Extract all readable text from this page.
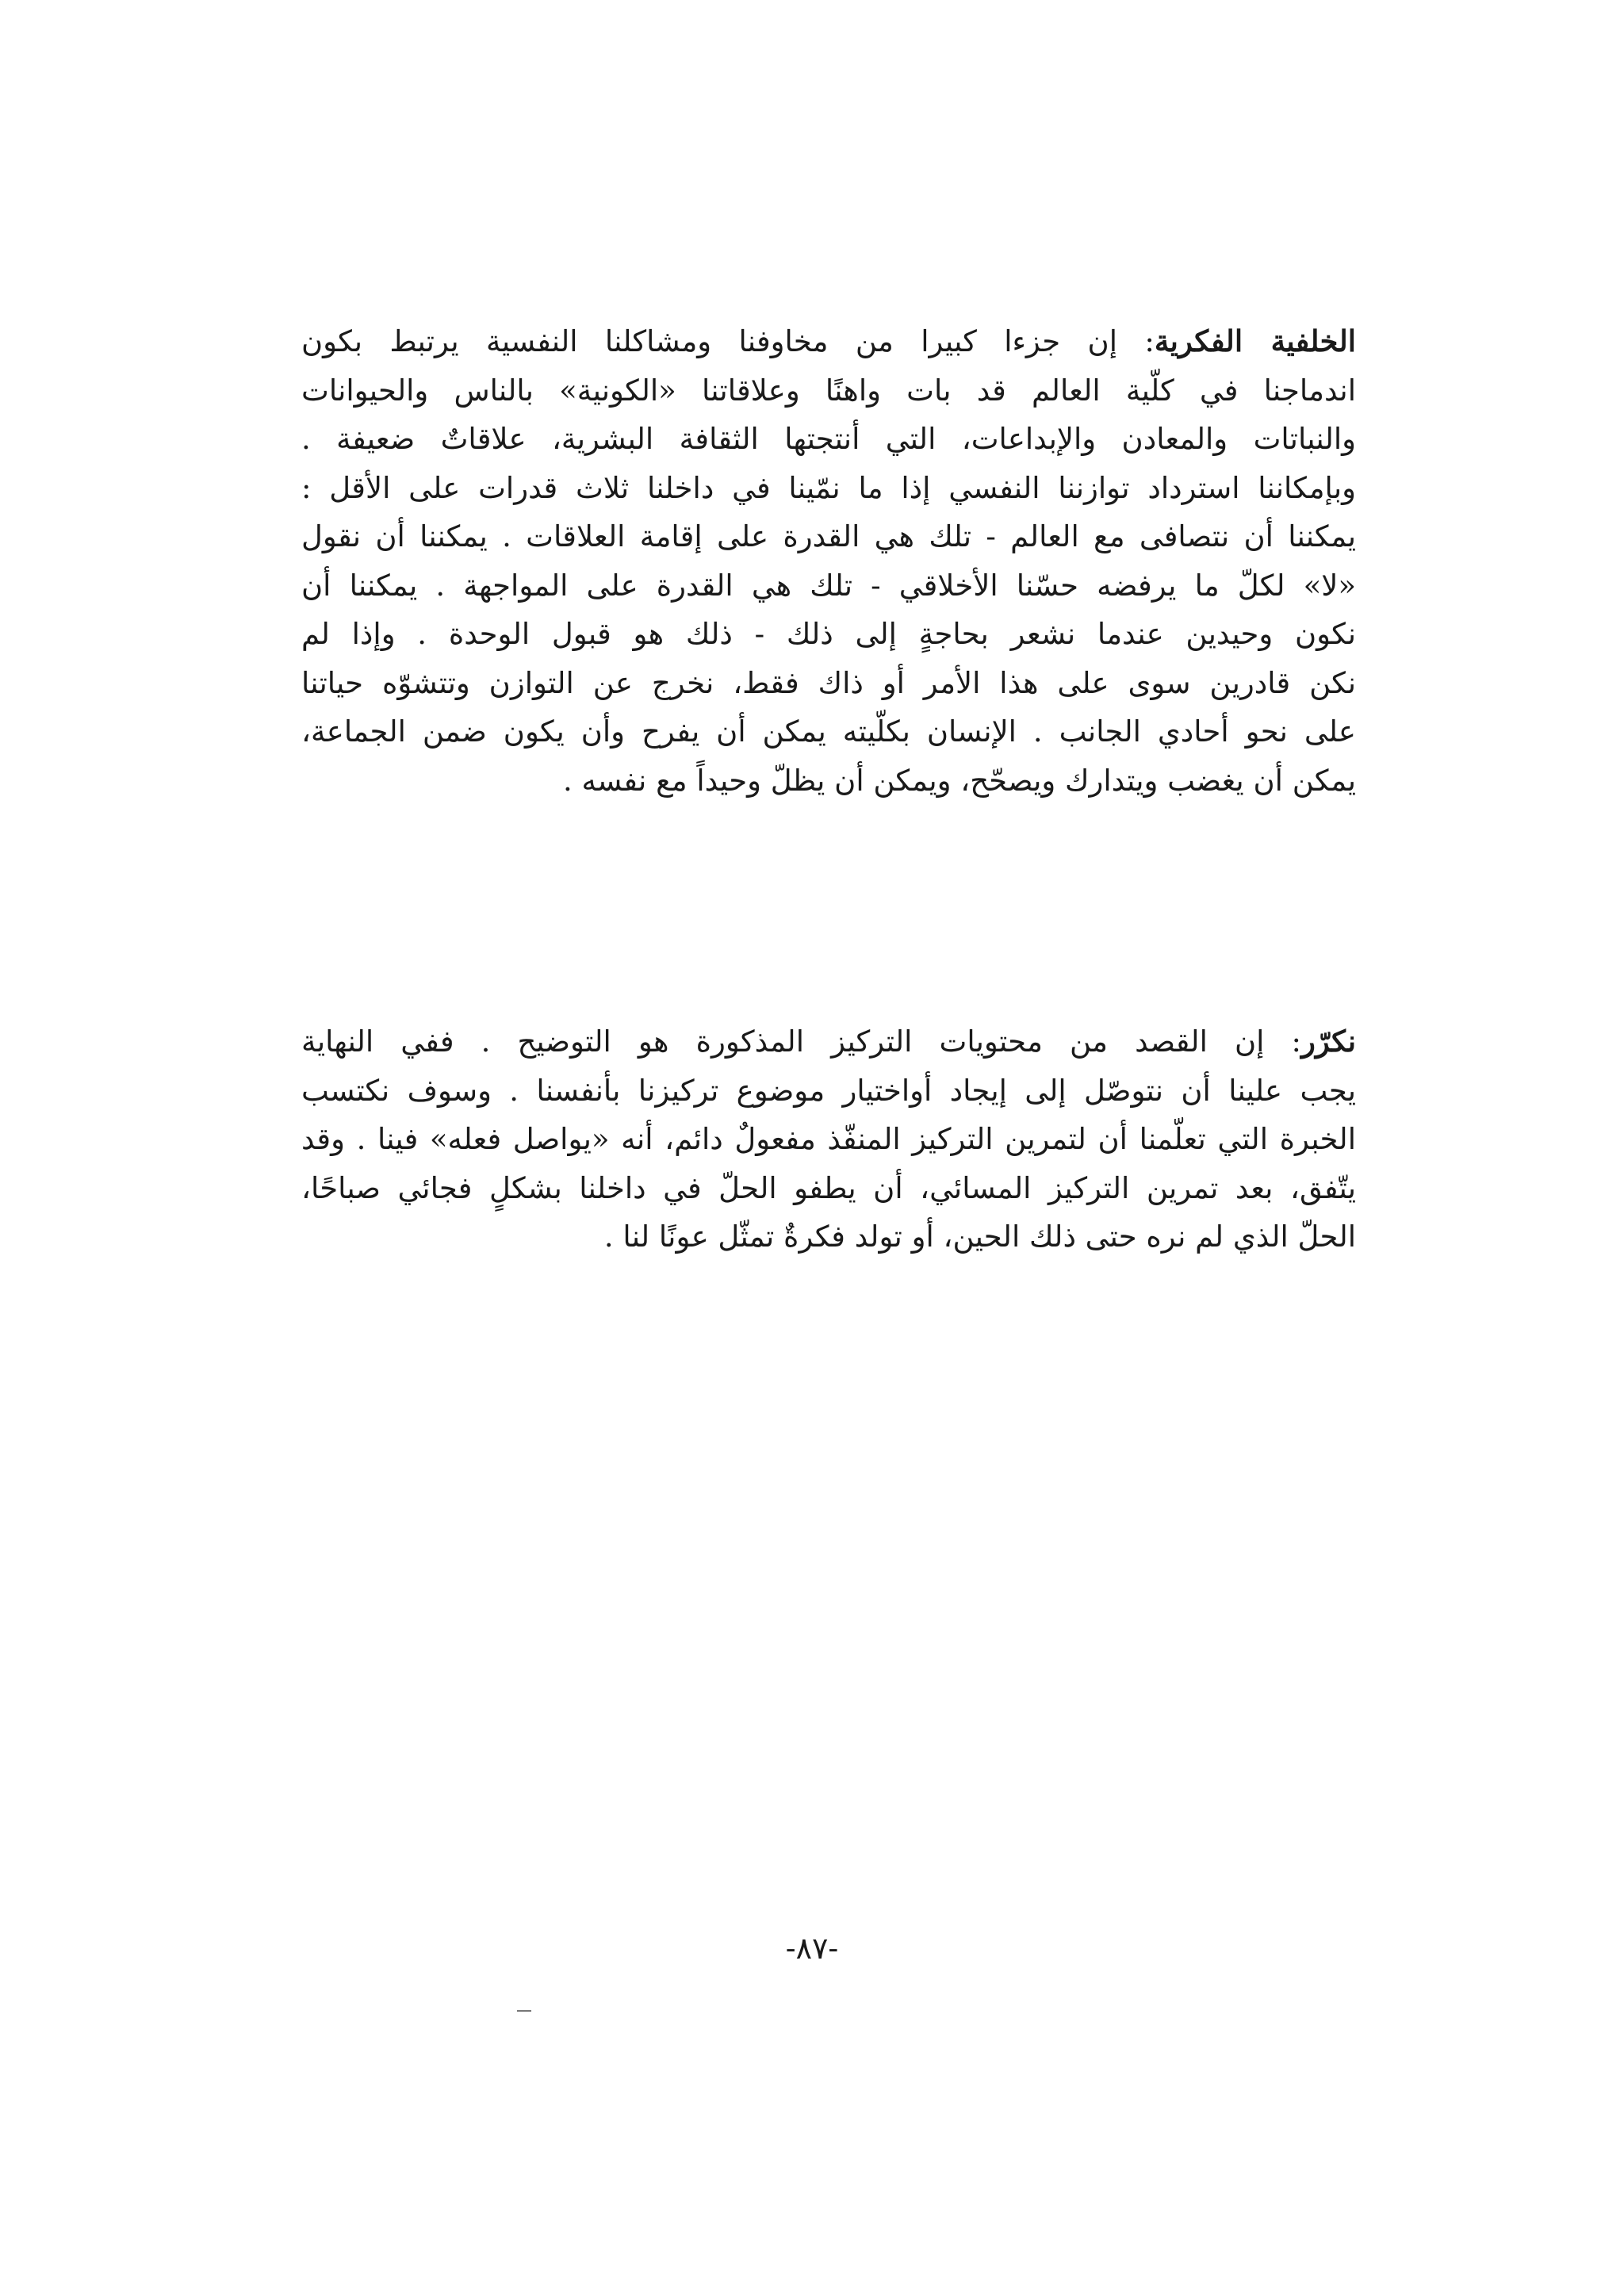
الخلفية الفكرية: إن جزءا كبيرا من مخاوفنا ومشاكلنا النفسية يرتبط بكون
اندماجنا في كلّية العالم قد بات واهنًا وعلاقاتنا «الكونية» بالناس والحيوانات
والنباتات والمعادن والإبداعات، التي أنتجتها الثقافة البشرية، علاقاتٌ ضعيفة .
وبإمكاننا استرداد توازننا النفسي إذا ما نمّينا في داخلنا ثلاث قدرات على الأقل :
يمكننا أن نتصافى مع العالم - تلك هي القدرة على إقامة العلاقات . يمكننا أن نقول
«لا» لكلّ ما يرفضه حسّنا الأخلاقي - تلك هي القدرة على المواجهة . يمكننا أن
نكون وحيدين عندما نشعر بحاجةٍ إلى ذلك - ذلك هو قبول الوحدة . وإذا لم
نكن قادرين سوى على هذا الأمر أو ذاك فقط، نخرج عن التوازن وتتشوّه حياتنا
على نحو أحادي الجانب . الإنسان بكلّيته يمكن أن يفرح وأن يكون ضمن الجماعة،
يمكن أن يغضب ويتدارك ويصحّح، ويمكن أن يظلّ وحيداً مع نفسه .
نكرّر: إن القصد من محتويات التركيز المذكورة هو التوضيح . ففي النهاية
يجب علينا أن نتوصّل إلى إيجاد أواختيار موضوع تركيزنا بأنفسنا . وسوف نكتسب
الخبرة التي تعلّمنا أن لتمرين التركيز المنفّذ مفعولٌ دائم، أنه «يواصل فعله» فينا . وقد
يتّفق، بعد تمرين التركيز المسائي، أن يطفو الحلّ في داخلنا بشكلٍ فجائي صباحًا،
الحلّ الذي لم نره حتى ذلك الحين، أو تولد فكرةٌ تمثّل عونًا لنا .
-٨٧-
